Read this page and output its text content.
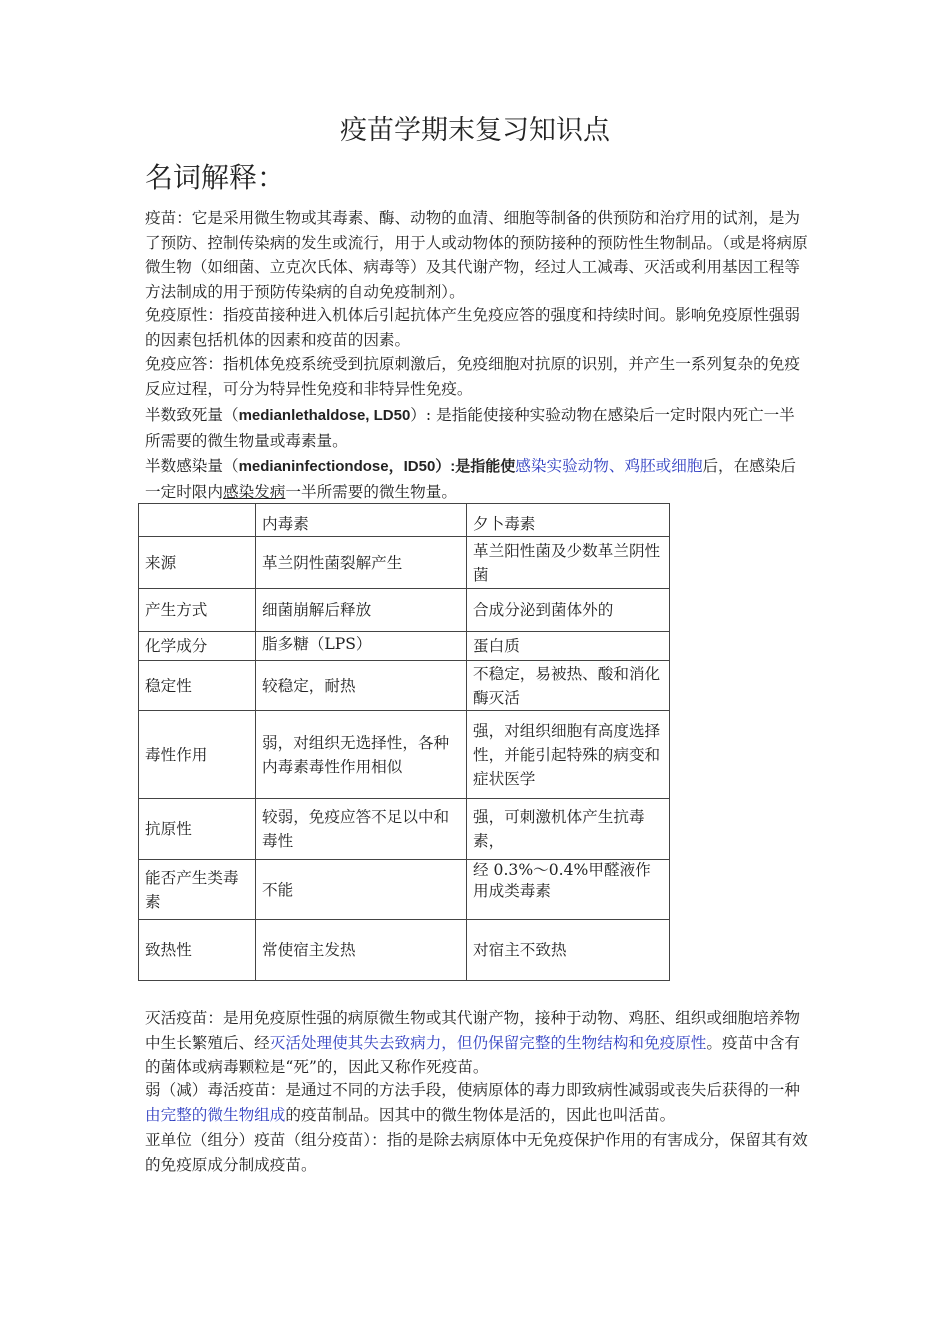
疫苗学期末复习知识点
名词解释：

疫苗：它是采用微生物或其毒素、酶、动物的血清、细胞等制备的供预防和治疗用的试剂，是为了预防、控制传染病的发生或流行，用于人或动物体的预防接种的预防性生物制品。（或是将病原微生物（如细菌、立克次氏体、病毒等）及其代谢产物，经过人工减毒、灭活或利用基因工程等方法制成的用于预防传染病的自动免疫制剂）。

免疫原性：指疫苗接种进入机体后引起抗体产生免疫应答的强度和持续时间。影响免疫原性强弱的因素包括机体的因素和疫苗的因素。

免疫应答：指机体免疫系统受到抗原刺激后，免疫细胞对抗原的识别，并产生一系列复杂的免疫反应过程，可分为特异性免疫和非特异性免疫。

半数致死量（medianlethaldose, LD50）: 是指能使接种实验动物在感染后一定时限内死亡一半所需要的微生物量或毒素量。

半数感染量（medianinfectiondose，ID50）:是指能使感染实验动物、鸡胚或细胞后，在感染后一定时限内感染发病一半所需要的微生物量。

	内毒素	夕卜毒素
来源	革兰阴性菌裂解产生	革兰阳性菌及少数革兰阴性菌
产生方式	细菌崩解后释放	合成分泌到菌体外的
化学成分	脂多糖（LPS）	蛋白质
稳定性	较稳定，耐热	不稳定，易被热、酸和消化酶灭活
毒性作用	弱，对组织无选择性，各种内毒素毒性作用相似	强，对组织细胞有高度选择性，并能引起特殊的病变和症状医学
抗原性	较弱，免疫应答不足以中和毒性	强，可刺激机体产生抗毒素，
能否产生类毒素	不能	经 0.3%〜0.4%甲醛液作用成类毒素
致热性	常使宿主发热	对宿主不致热

灭活疫苗：是用免疫原性强的病原微生物或其代谢产物，接种于动物、鸡胚、组织或细胞培养物中生长繁殖后、经灭活处理使其失去致病力，但仍保留完整的生物结构和免疫原性。疫苗中含有的菌体或病毒颗粒是“死”的，因此又称作死疫苗。

弱（减）毒活疫苗：是通过不同的方法手段，使病原体的毒力即致病性减弱或丧失后获得的一种由完整的微生物组成的疫苗制品。因其中的微生物体是活的，因此也叫活苗。

亚单位（组分）疫苗（组分疫苗）：指的是除去病原体中无免疫保护作用的有害成分，保留其有效的免疫原成分制成疫苗。
